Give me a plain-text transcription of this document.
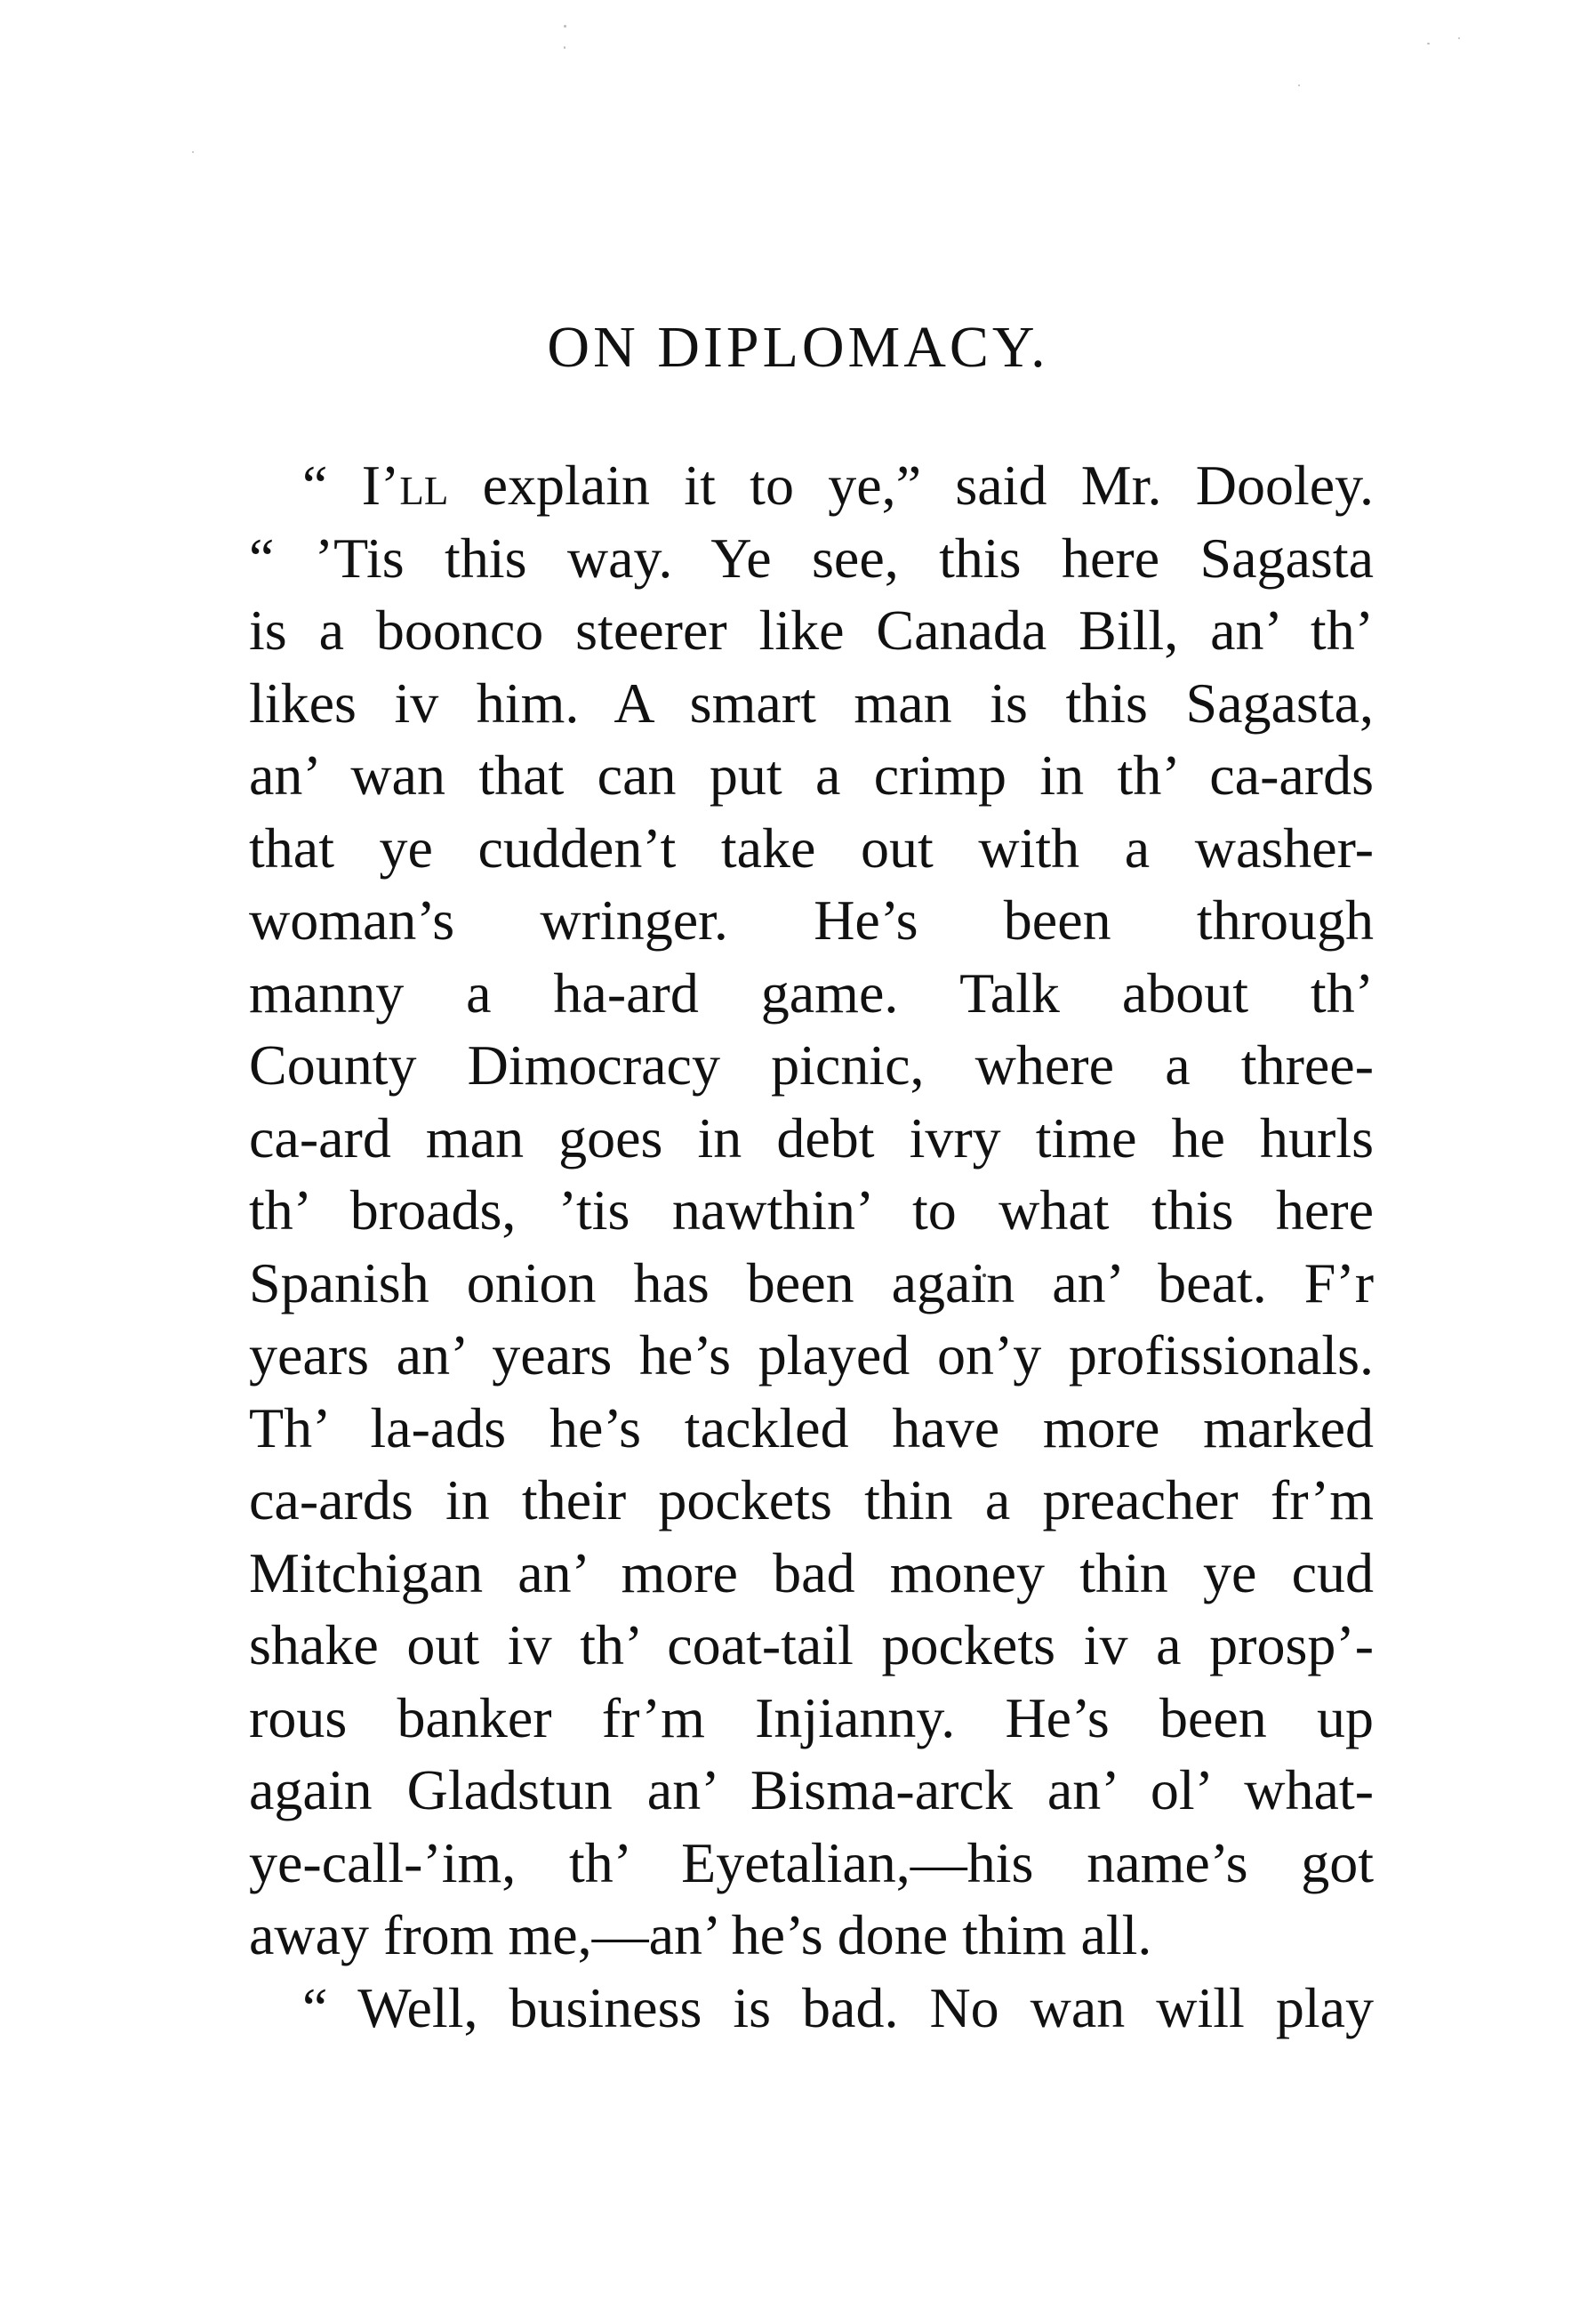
ON DIPLOMACY.
“ I’ll explain it to ye,” said Mr. Dooley.
“ ’Tis this way. Ye see, this here Sagasta
is a boonco steerer like Canada Bill, an’ th’
likes iv him. A smart man is this Sagasta,
an’ wan that can put a crimp in th’ ca-ards
that ye cudden’t take out with a washer-
woman’s wringer. He’s been through
manny a ha-ard game. Talk about th’
County Dimocracy picnic, where a three-
ca-ard man goes in debt ivry time he hurls
th’ broads, ’tis nawthin’ to what this here
Spanish onion has been again an’ beat. F’r
years an’ years he’s played on’y profissionals.
Th’ la-ads he’s tackled have more marked
ca-ards in their pockets thin a preacher fr’m
Mitchigan an’ more bad money thin ye cud
shake out iv th’ coat-tail pockets iv a prosp’-
rous banker fr’m Injianny. He’s been up
again Gladstun an’ Bisma-arck an’ ol’ what-
ye-call-’im, th’ Eyetalian,—his name’s got
away from me,—an’ he’s done thim all.
“ Well, business is bad. No wan will play
